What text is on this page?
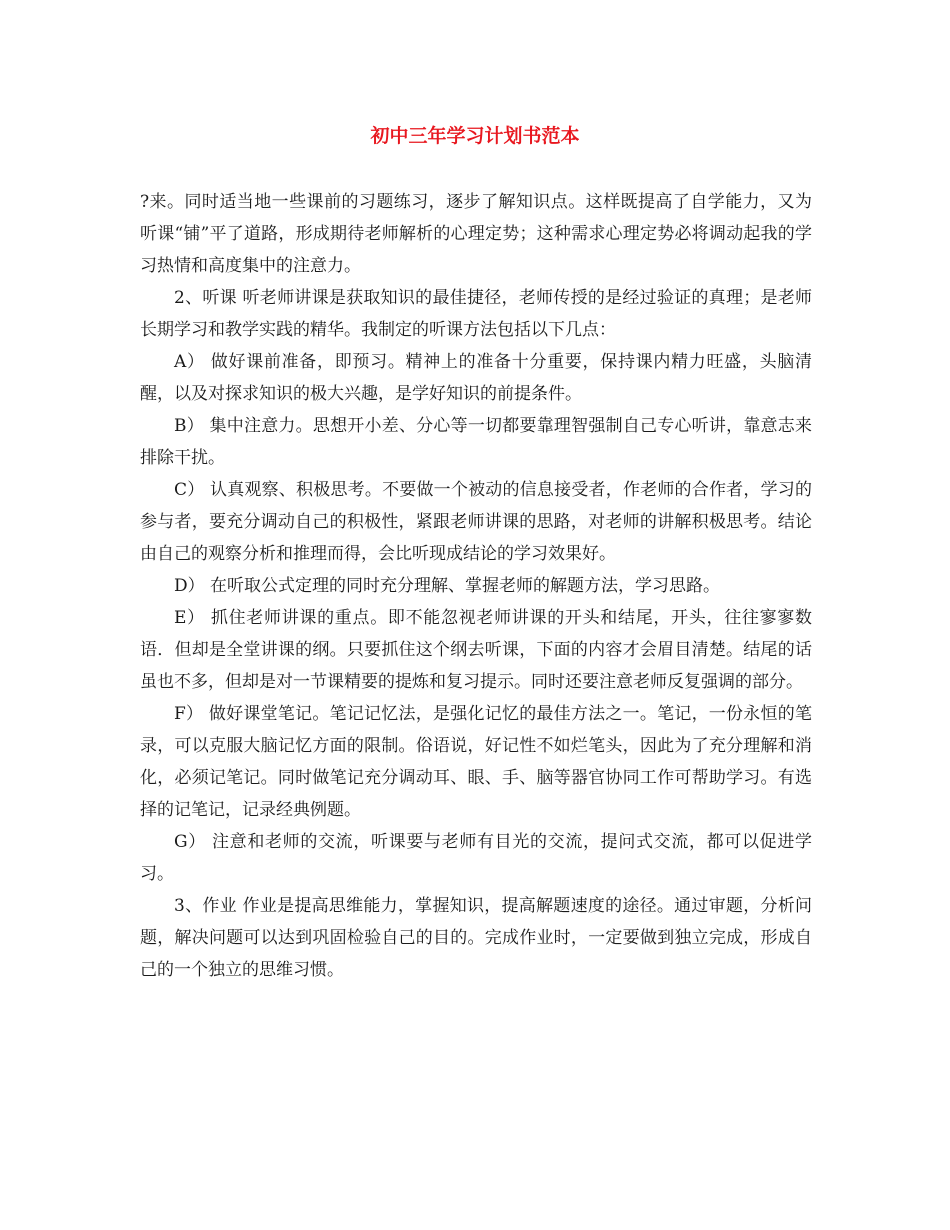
初中三年学习计划书范本

?来。同时适当地一些课前的习题练习，逐步了解知识点。这样既提高了自学能力，又为听课“铺”平了道路，形成期待老师解析的心理定势；这种需求心理定势必将调动起我的学习热情和高度集中的注意力。

2、听课 听老师讲课是获取知识的最佳捷径，老师传授的是经过验证的真理；是老师长期学习和教学实践的精华。我制定的听课方法包括以下几点：

A） 做好课前准备，即预习。精神上的准备十分重要，保持课内精力旺盛，头脑清醒，以及对探求知识的极大兴趣，是学好知识的前提条件。

B） 集中注意力。思想开小差、分心等一切都要靠理智强制自己专心听讲，靠意志来排除干扰。

C） 认真观察、积极思考。不要做一个被动的信息接受者，作老师的合作者，学习的参与者，要充分调动自己的积极性，紧跟老师讲课的思路，对老师的讲解积极思考。结论由自己的观察分析和推理而得，会比听现成结论的学习效果好。

D） 在听取公式定理的同时充分理解、掌握老师的解题方法，学习思路。

E） 抓住老师讲课的重点。即不能忽视老师讲课的开头和结尾，开头，往往寥寥数语．但却是全堂讲课的纲。只要抓住这个纲去听课，下面的内容才会眉目清楚。结尾的话虽也不多，但却是对一节课精要的提炼和复习提示。同时还要注意老师反复强调的部分。

F） 做好课堂笔记。笔记记忆法，是强化记忆的最佳方法之一。笔记，一份永恒的笔录，可以克服大脑记忆方面的限制。俗语说，好记性不如烂笔头，因此为了充分理解和消化，必须记笔记。同时做笔记充分调动耳、眼、手、脑等器官协同工作可帮助学习。有选择的记笔记，记录经典例题。

G） 注意和老师的交流，听课要与老师有目光的交流，提问式交流，都可以促进学习。

3、作业 作业是提高思维能力，掌握知识，提高解题速度的途径。通过审题，分析问题，解决问题可以达到巩固检验自己的目的。完成作业时，一定要做到独立完成，形成自己的一个独立的思维习惯。
